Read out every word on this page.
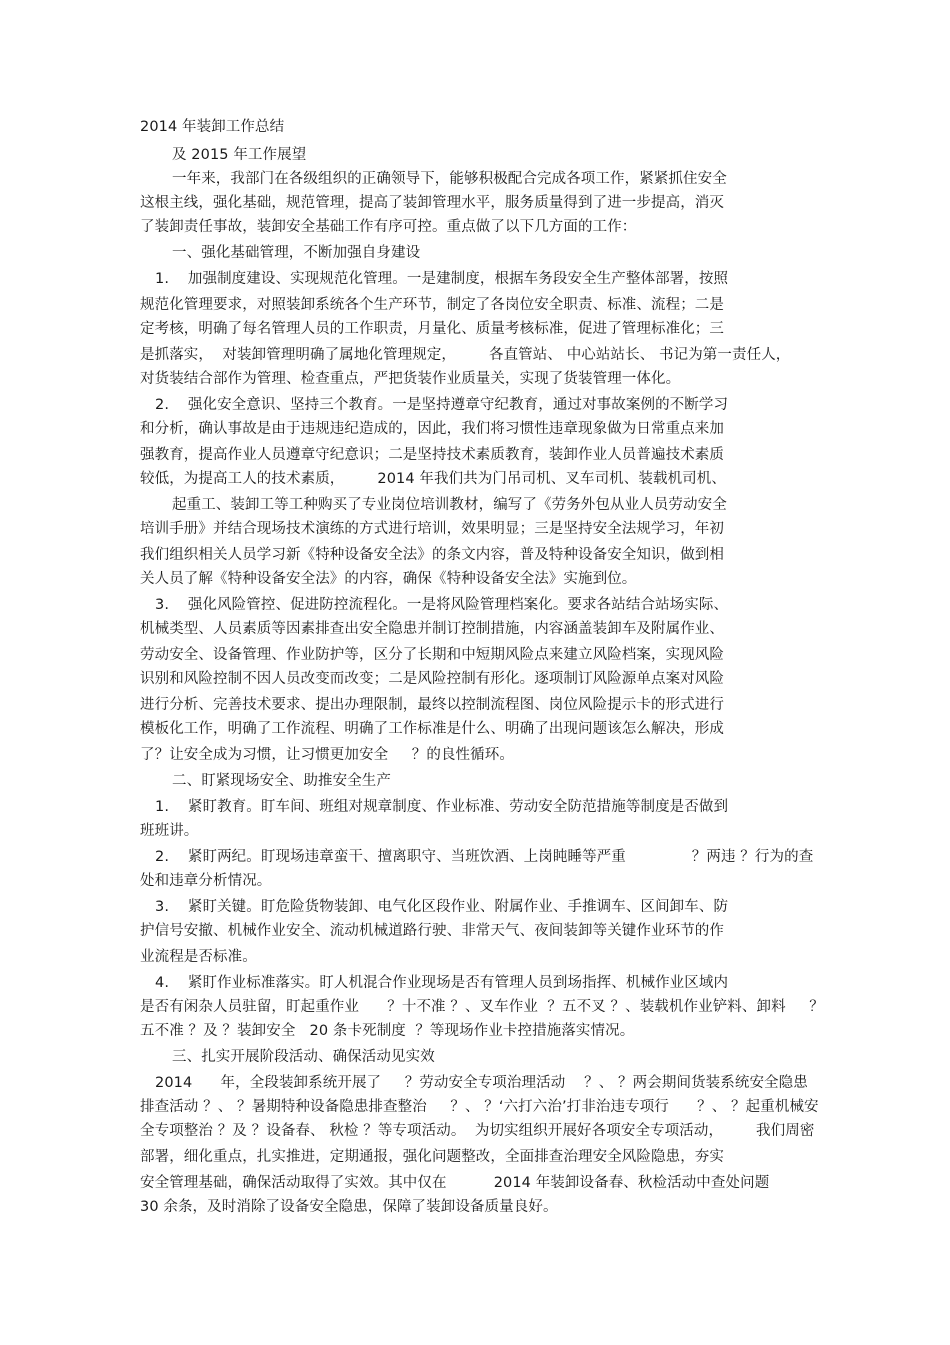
2014 年装卸工作总结
及 2015 年工作展望
一年来，我部门在各级组织的正确领导下，能够积极配合完成各项工作，紧紧抓住安全
这根主线，强化基础，规范管理，提高了装卸管理水平，服务质量得到了进一步提高，消灭
了装卸责任事故，装卸安全基础工作有序可控。重点做了以下几方面的工作：
一、强化基础管理，不断加强自身建设
1.    加强制度建设、实现规范化管理。一是建制度，根据车务段安全生产整体部署，按照
规范化管理要求，对照装卸系统各个生产环节，制定了各岗位安全职责、标准、流程；二是
定考核，明确了每名管理人员的工作职责，月量化、质量考核标准，促进了管理标准化；三
是抓落实，  对装卸管理明确了属地化管理规定，       各直管站、 中心站站长、 书记为第一责任人，
对货装结合部作为管理、检查重点，严把货装作业质量关，实现了货装管理一体化。
2.    强化安全意识、坚持三个教育。一是坚持遵章守纪教育，通过对事故案例的不断学习
和分析，确认事故是由于违规违纪造成的，因此，我们将习惯性违章现象做为日常重点来加
强教育，提高作业人员遵章守纪意识；二是坚持技术素质教育，装卸作业人员普遍技术素质
较低，为提高工人的技术素质，       2014 年我们共为门吊司机、叉车司机、装载机司机、
起重工、装卸工等工种购买了专业岗位培训教材，编写了《劳务外包从业人员劳动安全
培训手册》并结合现场技术演练的方式进行培训，效果明显；三是坚持安全法规学习，年初
我们组织相关人员学习新《特种设备安全法》的条文内容，普及特种设备安全知识，做到相
关人员了解《特种设备安全法》的内容，确保《特种设备安全法》实施到位。
3.    强化风险管控、促进防控流程化。一是将风险管理档案化。要求各站结合站场实际、
机械类型、人员素质等因素排查出安全隐患并制订控制措施，内容涵盖装卸车及附属作业、
劳动安全、设备管理、作业防护等，区分了长期和中短期风险点来建立风险档案，实现风险
识别和风险控制不因人员改变而改变；二是风险控制有形化。逐项制订风险源单点案对风险
进行分析、完善技术要求、提出办理限制，最终以控制流程图、岗位风险提示卡的形式进行
模板化工作，明确了工作流程、明确了工作标准是什么、明确了出现问题该怎么解决，形成
了？让安全成为习惯，让习惯更加安全     ？的良性循环。
二、盯紧现场安全、助推安全生产
1.    紧盯教育。盯车间、班组对规章制度、作业标准、劳动安全防范措施等制度是否做到
班班讲。
2.    紧盯两纪。盯现场违章蛮干、擅离职守、当班饮酒、上岗盹睡等严重              ？两违 ？行为的查
处和违章分析情况。
3.    紧盯关键。盯危险货物装卸、电气化区段作业、附属作业、手推调车、区间卸车、防
护信号安撤、机械作业安全、流动机械道路行驶、非常天气、夜间装卸等关键作业环节的作
业流程是否标准。
4.    紧盯作业标准落实。盯人机混合作业现场是否有管理人员到场指挥、机械作业区域内
是否有闲杂人员驻留，盯起重作业      ？十不准 ？、叉车作业  ？五不叉 ？、装载机作业铲料、卸料     ？
五不准 ？及 ？装卸安全   20 条卡死制度  ？等现场作业卡控措施落实情况。
三、扎实开展阶段活动、确保活动见实效
2014      年，全段装卸系统开展了     ？劳动安全专项治理活动    ？、 ？两会期间货装系统安全隐患
排查活动 ？、 ？暑期特种设备隐患排查整治     ？、 ？‘六打六治’打非治违专项行      ？、 ？起重机械安
全专项整治 ？及 ？设备春、 秋检 ？等专项活动。  为切实组织开展好各项安全专项活动，       我们周密
部署，细化重点，扎实推进，定期通报，强化问题整改，全面排查治理安全风险隐患，夯实
安全管理基础，确保活动取得了实效。其中仅在          2014 年装卸设备春、秋检活动中查处问题
30 余条，及时消除了设备安全隐患，保障了装卸设备质量良好。
